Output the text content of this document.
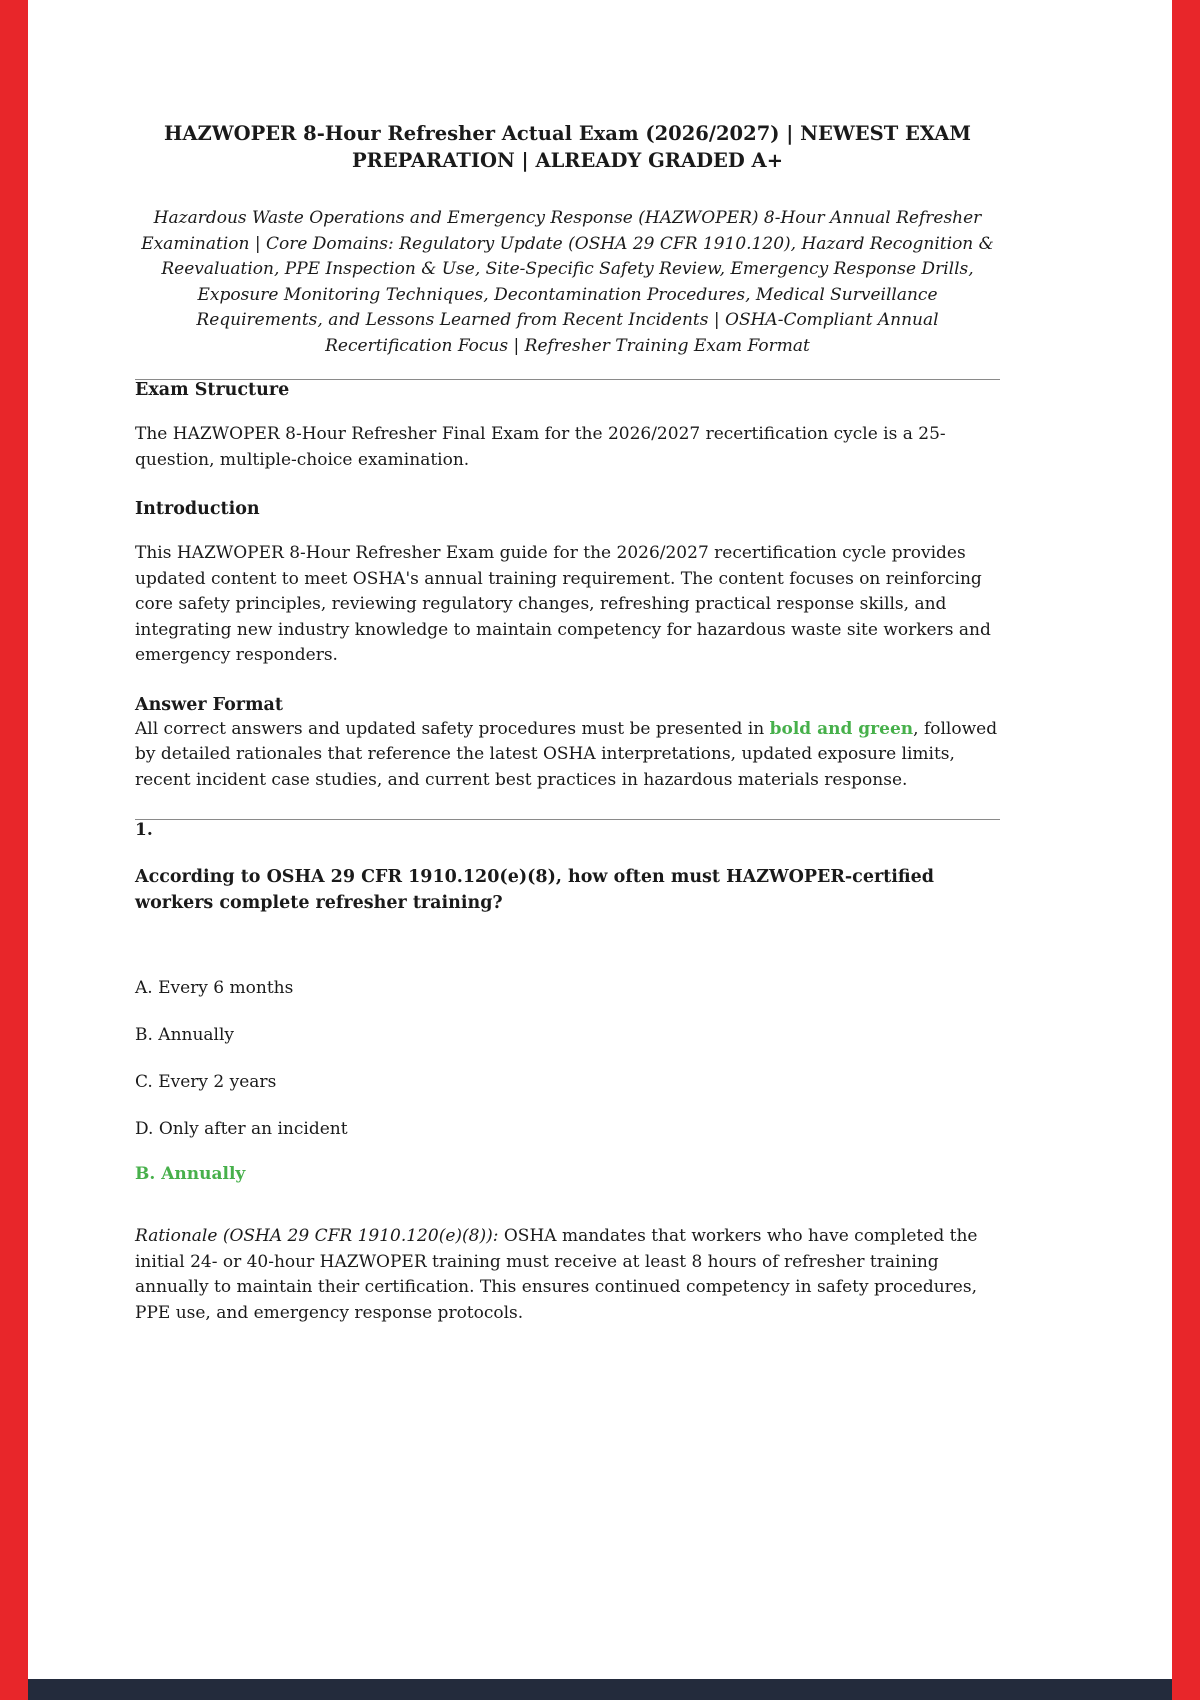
HAZWOPER 8-Hour Refresher Actual Exam (2026/2027) | NEWEST EXAM PREPARATION | ALREADY GRADED A+

Hazardous Waste Operations and Emergency Response (HAZWOPER) 8-Hour Annual Refresher Examination | Core Domains: Regulatory Update (OSHA 29 CFR 1910.120), Hazard Recognition & Reevaluation, PPE Inspection & Use, Site-Specific Safety Review, Emergency Response Drills, Exposure Monitoring Techniques, Decontamination Procedures, Medical Surveillance Requirements, and Lessons Learned from Recent Incidents | OSHA-Compliant Annual Recertification Focus | Refresher Training Exam Format

Exam Structure

The HAZWOPER 8-Hour Refresher Final Exam for the 2026/2027 recertification cycle is a 25-question, multiple-choice examination.

Introduction

This HAZWOPER 8-Hour Refresher Exam guide for the 2026/2027 recertification cycle provides updated content to meet OSHA's annual training requirement. The content focuses on reinforcing core safety principles, reviewing regulatory changes, refreshing practical response skills, and integrating new industry knowledge to maintain competency for hazardous waste site workers and emergency responders.

Answer Format

All correct answers and updated safety procedures must be presented in bold and green, followed by detailed rationales that reference the latest OSHA interpretations, updated exposure limits, recent incident case studies, and current best practices in hazardous materials response.

1.

According to OSHA 29 CFR 1910.120(e)(8), how often must HAZWOPER-certified workers complete refresher training?

A. Every 6 months

B. Annually

C. Every 2 years

D. Only after an incident

B. Annually

Rationale (OSHA 29 CFR 1910.120(e)(8)): OSHA mandates that workers who have completed the initial 24- or 40-hour HAZWOPER training must receive at least 8 hours of refresher training annually to maintain their certification. This ensures continued competency in safety procedures, PPE use, and emergency response protocols.
